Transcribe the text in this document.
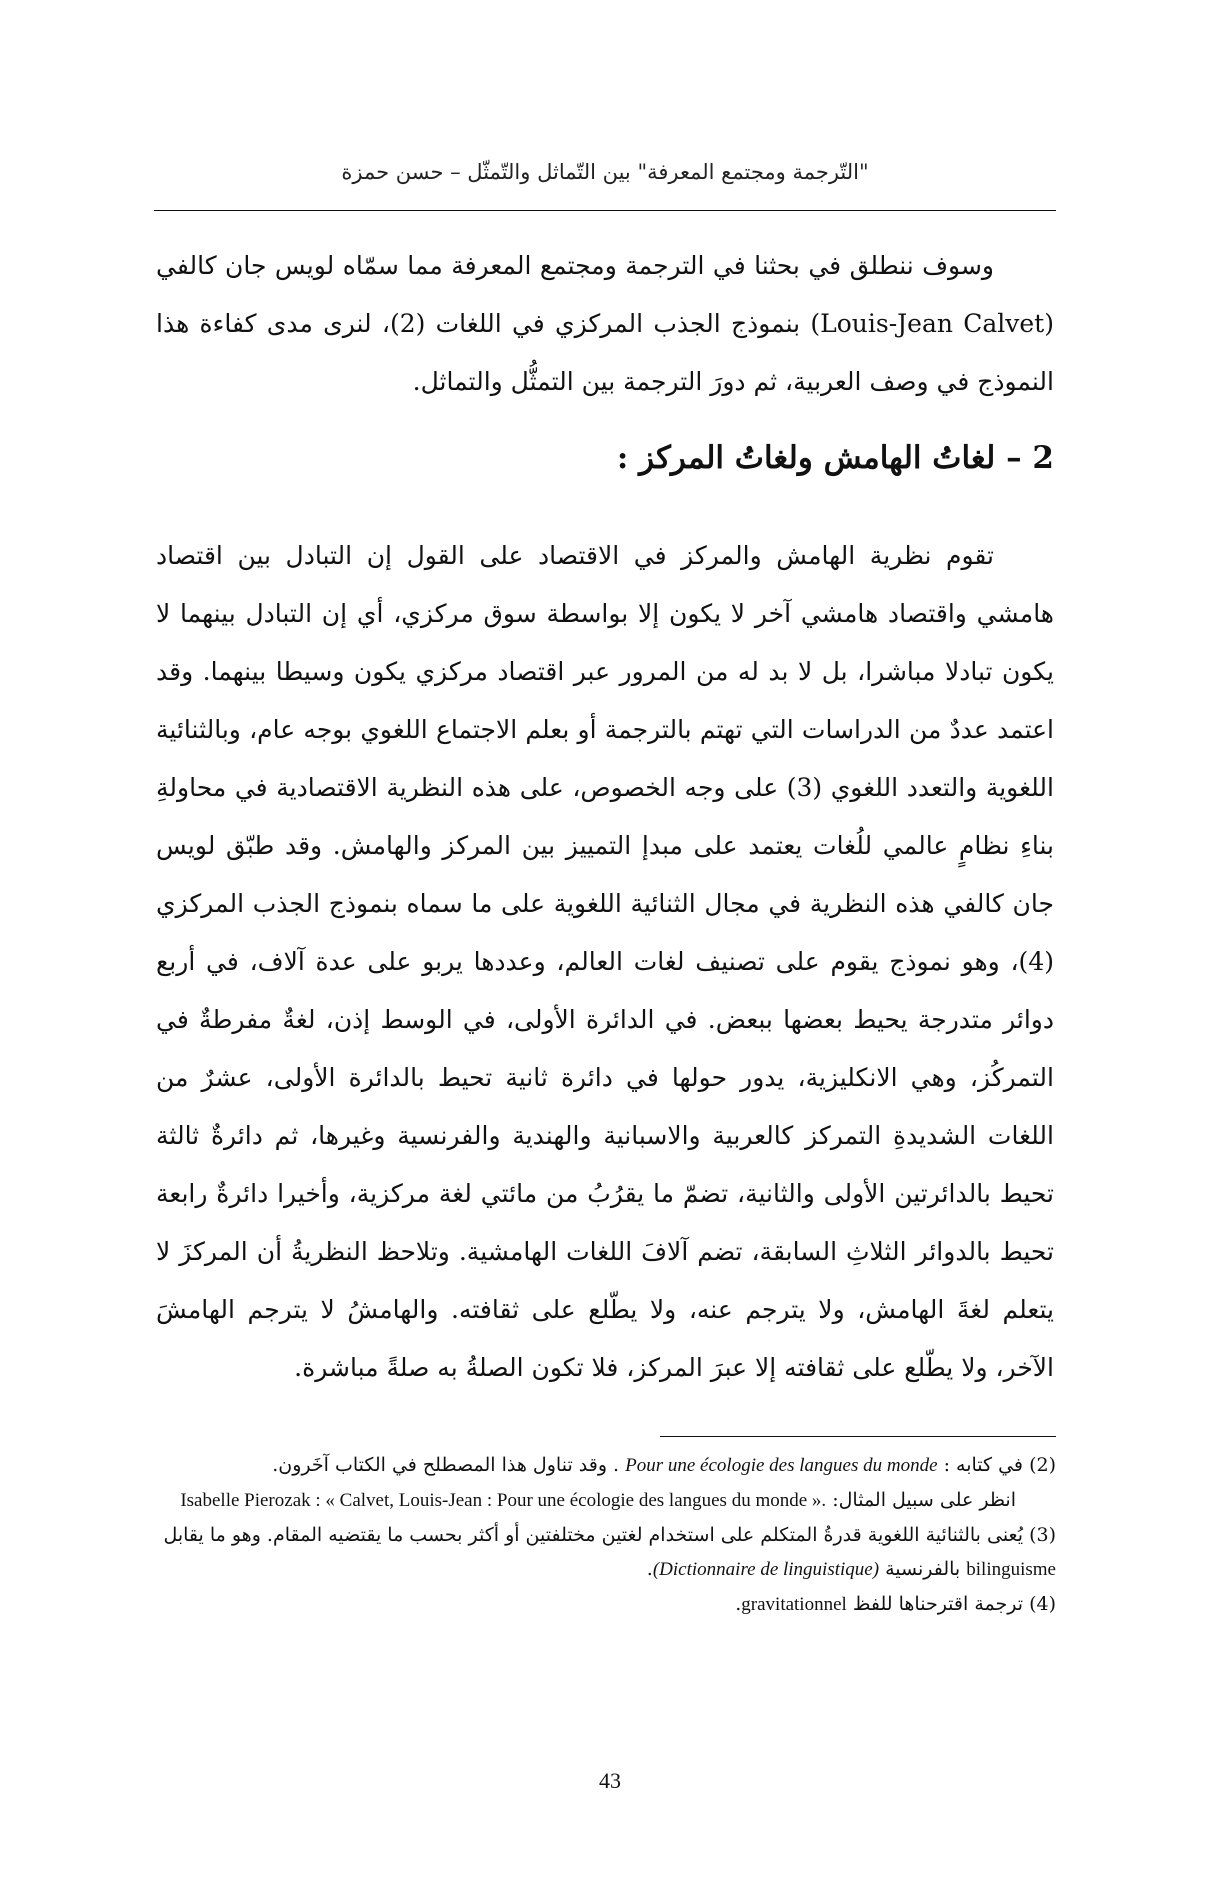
"التّرجمة ومجتمع المعرفة" بين التّماثل والتّمثّل – حسن حمزة

وسوف ننطلق في بحثنا في الترجمة ومجتمع المعرفة مما سمّاه لويس جان كالفي (Louis-Jean Calvet) بنموذج الجذب المركزي في اللغات (2)، لنرى مدى كفاءة هذا النموذج في وصف العربية، ثم دورَ الترجمة بين التمثُّل والتماثل.

2 – لغاتُ الهامش ولغاتُ المركز :

تقوم نظرية الهامش والمركز في الاقتصاد على القول إن التبادل بين اقتصاد هامشي واقتصاد هامشي آخر لا يكون إلا بواسطة سوق مركزي، أي إن التبادل بينهما لا يكون تبادلا مباشرا، بل لا بد له من المرور عبر اقتصاد مركزي يكون وسيطا بينهما. وقد اعتمد عددٌ من الدراسات التي تهتم بالترجمة أو بعلم الاجتماع اللغوي بوجه عام، وبالثنائية اللغوية والتعدد اللغوي (3) على وجه الخصوص، على هذه النظرية الاقتصادية في محاولةِ بناءِ نظامٍ عالمي للُغات يعتمد على مبدإ التمييز بين المركز والهامش. وقد طبّق لويس جان كالفي هذه النظرية في مجال الثنائية اللغوية على ما سماه بنموذج الجذب المركزي (4)، وهو نموذج يقوم على تصنيف لغات العالم، وعددها يربو على عدة آلاف، في أربع دوائر متدرجة يحيط بعضها ببعض. في الدائرة الأولى، في الوسط إذن، لغةٌ مفرطةٌ في التمركُز، وهي الانكليزية، يدور حولها في دائرة ثانية تحيط بالدائرة الأولى، عشرٌ من اللغات الشديدةِ التمركز كالعربية والاسبانية والهندية والفرنسية وغيرها، ثم دائرةٌ ثالثة تحيط بالدائرتين الأولى والثانية، تضمّ ما يقرُبُ من مائتي لغة مركزية، وأخيرا دائرةٌ رابعة تحيط بالدوائر الثلاثِ السابقة، تضم آلافَ اللغات الهامشية. وتلاحظ النظريةُ أن المركزَ لا يتعلم لغةَ الهامش، ولا يترجم عنه، ولا يطّلع على ثقافته. والهامشُ لا يترجم الهامشَ الآخر، ولا يطّلع على ثقافته إلا عبرَ المركز، فلا تكون الصلةُ به صلةً مباشرة.

(2) في كتابه : Pour une écologie des langues du monde . وقد تناول هذا المصطلح في الكتاب آخَرون.
انظر على سبيل المثال: Isabelle Pierozak : « Calvet, Louis-Jean : Pour une écologie des langues du monde ».

(3) يُعنى بالثنائية اللغوية قدرةُ المتكلم على استخدام لغتين مختلفتين أو أكثر بحسب ما يقتضيه المقام. وهو ما يقابل bilinguisme بالفرنسية (Dictionnaire de linguistique).

(4) ترجمة اقترحناها للفظ gravitationnel.

43
